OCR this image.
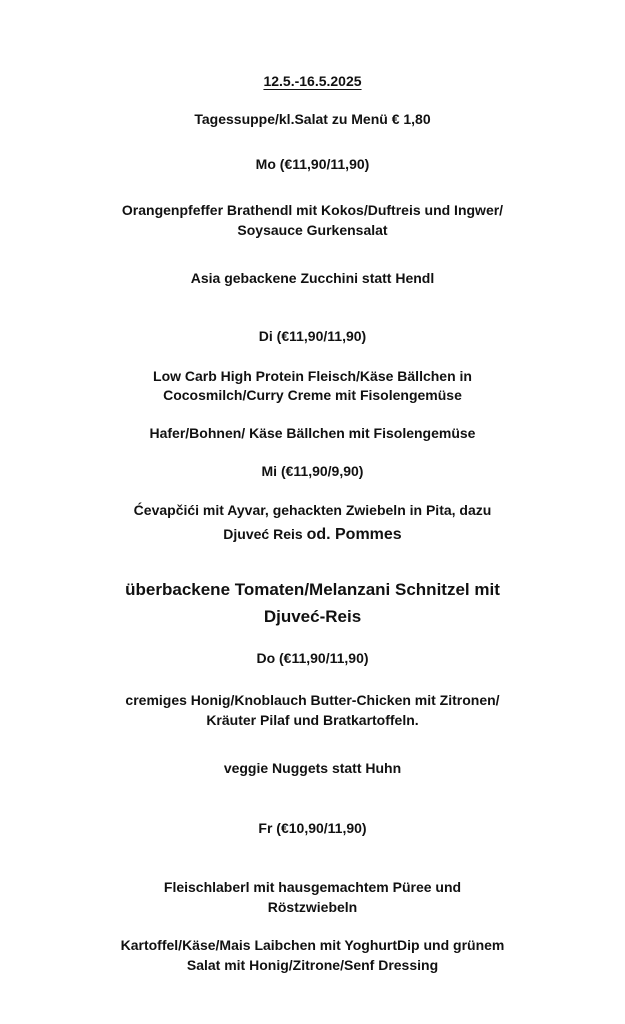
12.5.-16.5.2025
Tagessuppe/kl.Salat zu Menü € 1,80
Mo (€11,90/11,90)
Orangenpfeffer Brathendl mit Kokos/Duftreis und Ingwer/
Soysauce Gurkensalat
Asia gebackene Zucchini statt Hendl
Di (€11,90/11,90)
Low Carb High Protein Fleisch/Käse Bällchen in
Cocosmilch/Curry Creme mit Fisolengemüse
Hafer/Bohnen/ Käse Bällchen mit Fisolengemüse
Mi (€11,90/9,90)
Ćevapčići mit Ayvar, gehackten Zwiebeln in Pita, dazu
Djuveć Reis od. Pommes
überbackene Tomaten/Melanzani Schnitzel mit
Djuveć-Reis
Do (€11,90/11,90)
cremiges Honig/Knoblauch Butter-Chicken mit Zitronen/
Kräuter Pilaf und Bratkartoffeln.
veggie Nuggets statt Huhn
Fr (€10,90/11,90)
Fleischlaberl mit hausgemachtem Püree und
Röstzwiebeln
Kartoffel/Käse/Mais Laibchen mit YoghurtDip und grünem
Salat mit Honig/Zitrone/Senf Dressing
